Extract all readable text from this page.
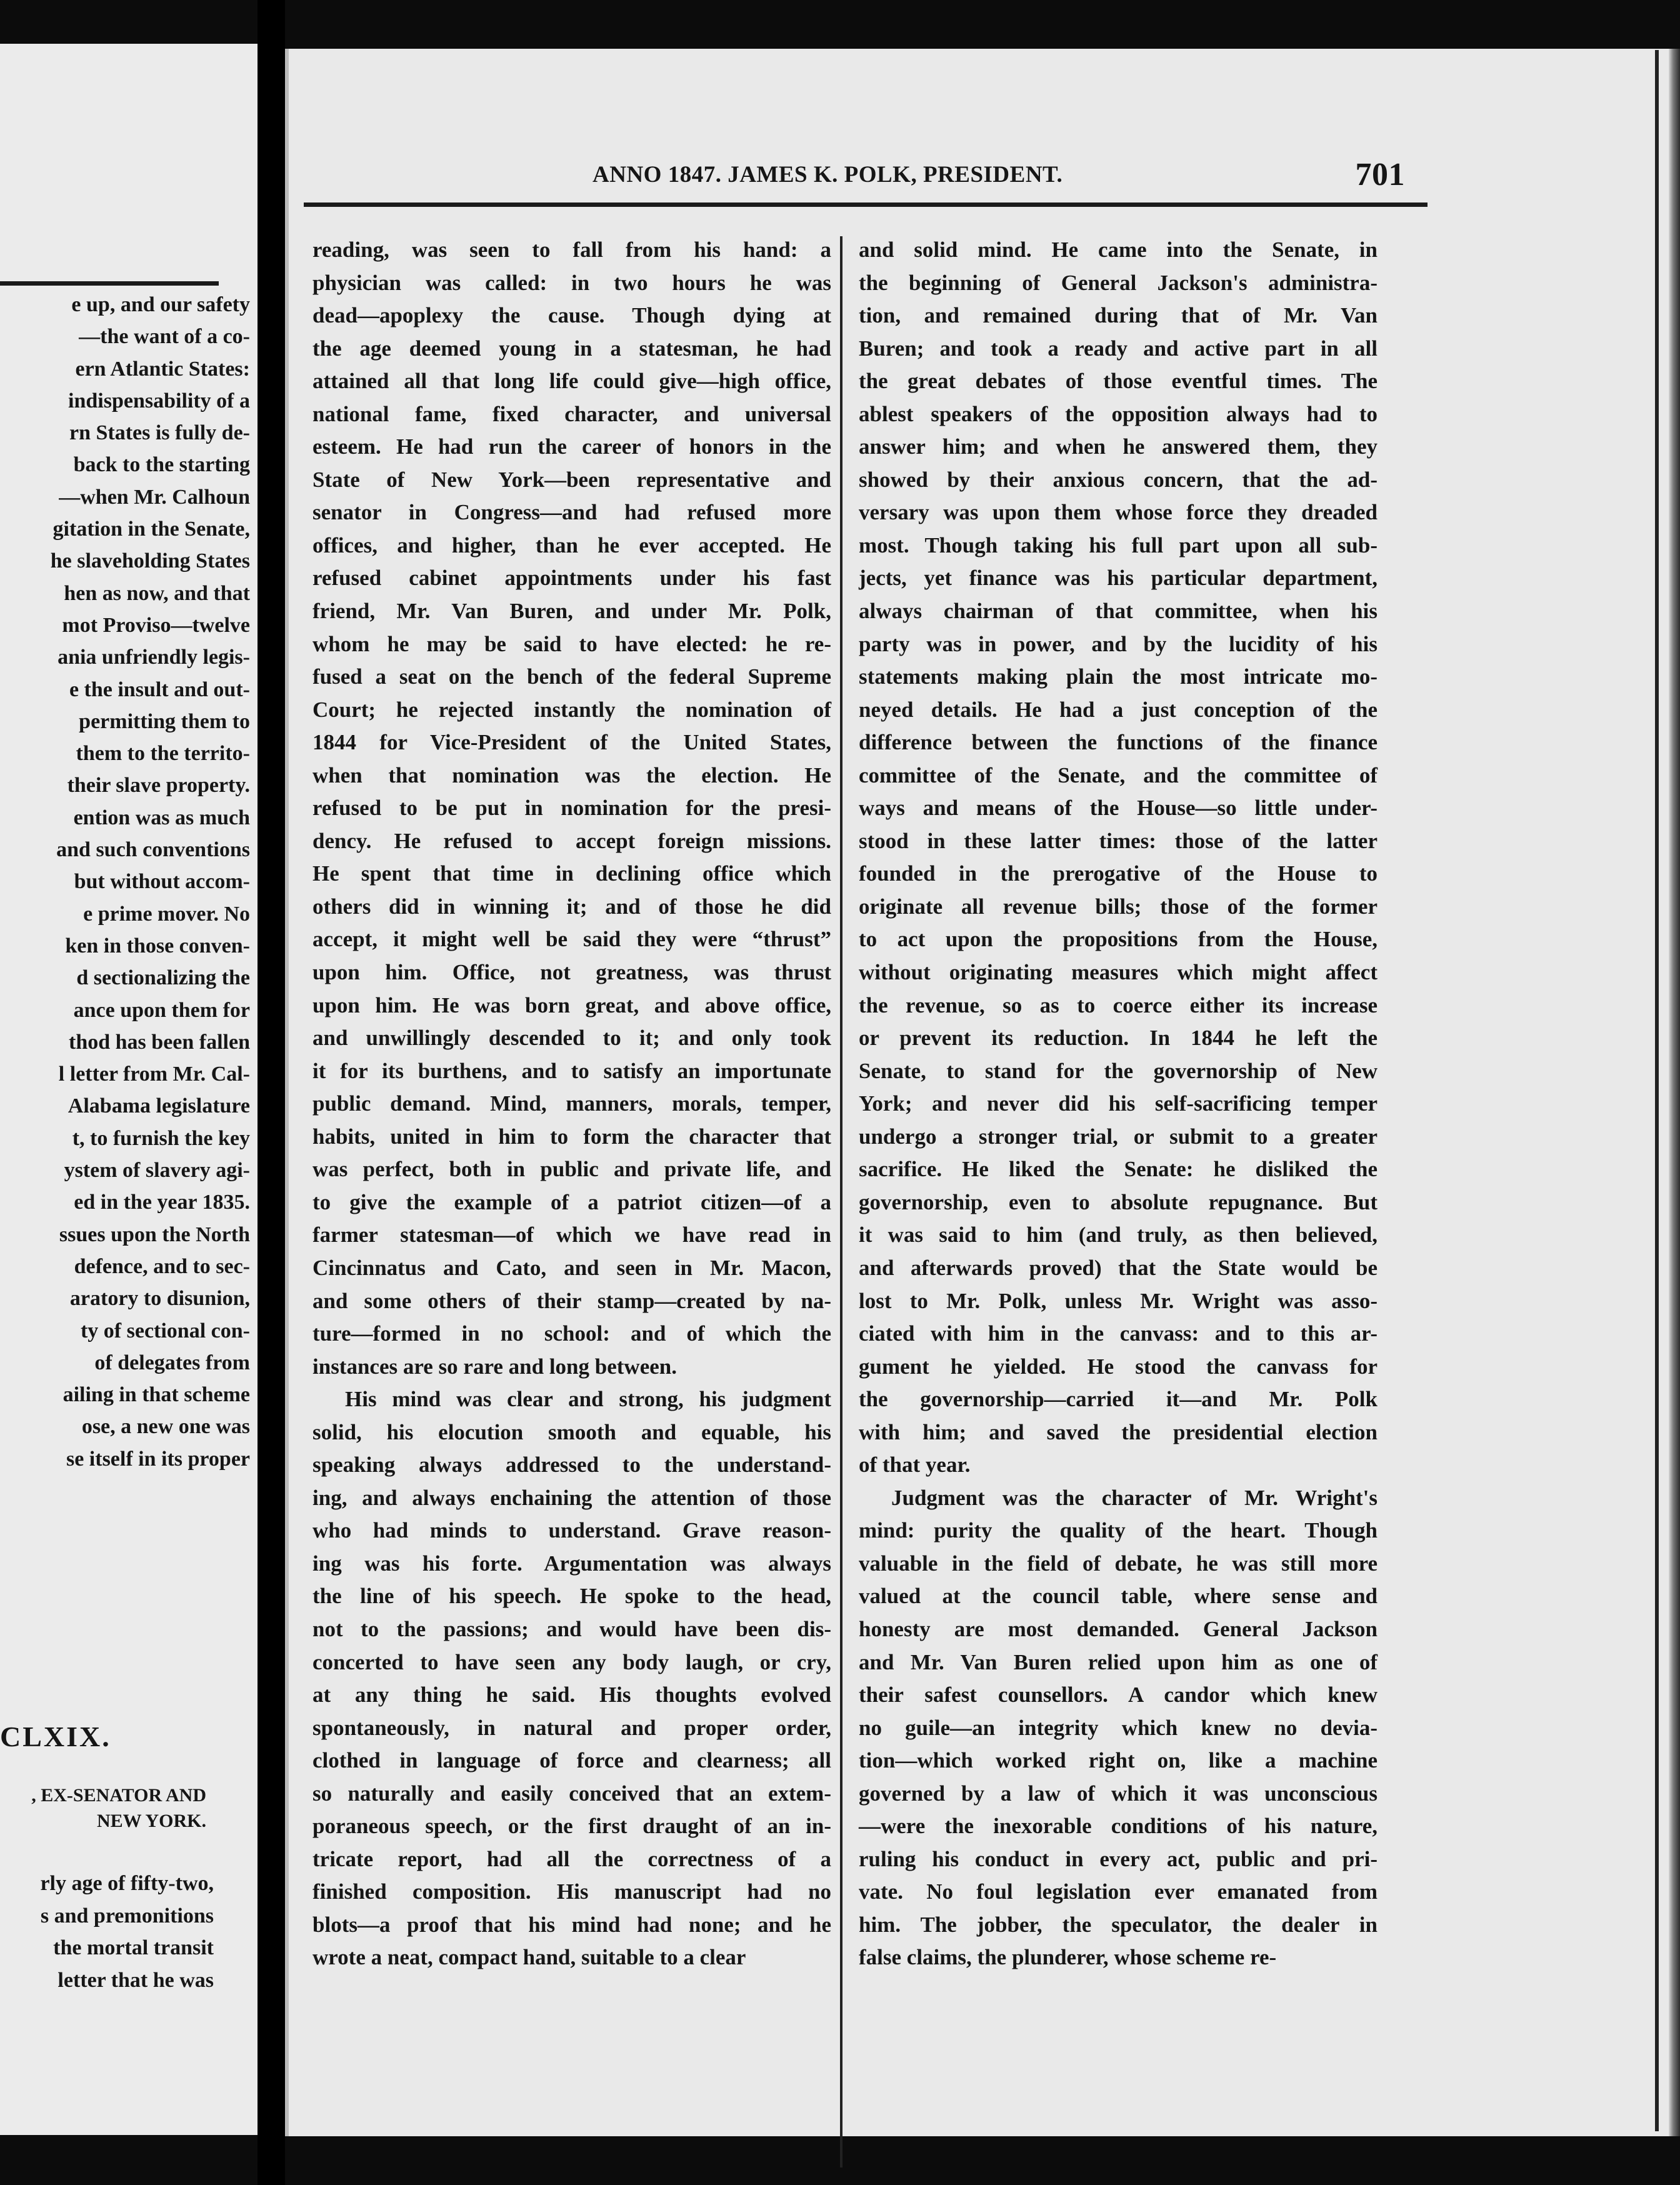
e up, and our safety
—the want of a co-
ern Atlantic States:
indispensability of a
rn States is fully de-
back to the starting
—when Mr. Calhoun
gitation in the Senate,
he slaveholding States
hen as now, and that
mot Proviso—twelve
ania unfriendly legis-
e the insult and out-
permitting them to
them to the territo-
their slave property.
ention was as much
and such conventions
but without accom-
e prime mover. No
ken in those conven-
d sectionalizing the
ance upon them for
thod has been fallen
l letter from Mr. Cal-
Alabama legislature
t, to furnish the key
ystem of slavery agi-
ed in the year 1835.
ssues upon the North
defence, and to sec-
aratory to disunion,
ty of sectional con-
of delegates from
ailing in that scheme
ose, a new one was
se itself in its proper
CLXIX.
, EX-SENATOR AND
NEW YORK.
rly age of fifty-two,
s and premonitions
the mortal transit
letter that he was
ANNO 1847. JAMES K. POLK, PRESIDENT.	701
reading, was seen to fall from his hand: a
physician was called: in two hours he was
dead—apoplexy the cause. Though dying at
the age deemed young in a statesman, he had
attained all that long life could give—high office,
national fame, fixed character, and universal
esteem. He had run the career of honors in the
State of New York—been representative and
senator in Congress—and had refused more
offices, and higher, than he ever accepted. He
refused cabinet appointments under his fast
friend, Mr. Van Buren, and under Mr. Polk,
whom he may be said to have elected: he re-
fused a seat on the bench of the federal Supreme
Court; he rejected instantly the nomination of
1844 for Vice-President of the United States,
when that nomination was the election. He
refused to be put in nomination for the presi-
dency. He refused to accept foreign missions.
He spent that time in declining office which
others did in winning it; and of those he did
accept, it might well be said they were “thrust”
upon him. Office, not greatness, was thrust
upon him. He was born great, and above office,
and unwillingly descended to it; and only took
it for its burthens, and to satisfy an importunate
public demand. Mind, manners, morals, temper,
habits, united in him to form the character that
was perfect, both in public and private life, and
to give the example of a patriot citizen—of a
farmer statesman—of which we have read in
Cincinnatus and Cato, and seen in Mr. Macon,
and some others of their stamp—created by na-
ture—formed in no school: and of which the
instances are so rare and long between.
His mind was clear and strong, his judgment
solid, his elocution smooth and equable, his
speaking always addressed to the understand-
ing, and always enchaining the attention of those
who had minds to understand. Grave reason-
ing was his forte. Argumentation was always
the line of his speech. He spoke to the head,
not to the passions; and would have been dis-
concerted to have seen any body laugh, or cry,
at any thing he said. His thoughts evolved
spontaneously, in natural and proper order,
clothed in language of force and clearness; all
so naturally and easily conceived that an extem-
poraneous speech, or the first draught of an in-
tricate report, had all the correctness of a
finished composition. His manuscript had no
blots—a proof that his mind had none; and he
wrote a neat, compact hand, suitable to a clear
and solid mind. He came into the Senate, in
the beginning of General Jackson's administra-
tion, and remained during that of Mr. Van
Buren; and took a ready and active part in all
the great debates of those eventful times. The
ablest speakers of the opposition always had to
answer him; and when he answered them, they
showed by their anxious concern, that the ad-
versary was upon them whose force they dreaded
most. Though taking his full part upon all sub-
jects, yet finance was his particular department,
always chairman of that committee, when his
party was in power, and by the lucidity of his
statements making plain the most intricate mo-
neyed details. He had a just conception of the
difference between the functions of the finance
committee of the Senate, and the committee of
ways and means of the House—so little under-
stood in these latter times: those of the latter
founded in the prerogative of the House to
originate all revenue bills; those of the former
to act upon the propositions from the House,
without originating measures which might affect
the revenue, so as to coerce either its increase
or prevent its reduction. In 1844 he left the
Senate, to stand for the governorship of New
York; and never did his self-sacrificing temper
undergo a stronger trial, or submit to a greater
sacrifice. He liked the Senate: he disliked the
governorship, even to absolute repugnance. But
it was said to him (and truly, as then believed,
and afterwards proved) that the State would be
lost to Mr. Polk, unless Mr. Wright was asso-
ciated with him in the canvass: and to this ar-
gument he yielded. He stood the canvass for
the governorship—carried it—and Mr. Polk
with him; and saved the presidential election
of that year.
Judgment was the character of Mr. Wright's
mind: purity the quality of the heart. Though
valuable in the field of debate, he was still more
valued at the council table, where sense and
honesty are most demanded. General Jackson
and Mr. Van Buren relied upon him as one of
their safest counsellors. A candor which knew
no guile—an integrity which knew no devia-
tion—which worked right on, like a machine
governed by a law of which it was unconscious
—were the inexorable conditions of his nature,
ruling his conduct in every act, public and pri-
vate. No foul legislation ever emanated from
him. The jobber, the speculator, the dealer in
false claims, the plunderer, whose scheme re-
